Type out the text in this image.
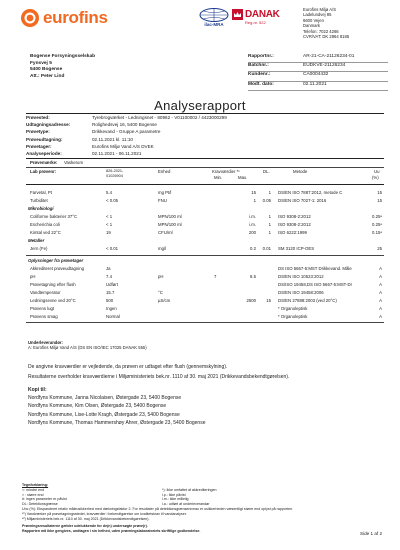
eurofins	ilac-MRA
DANAK
Reg.nr. 522
Eurofins Miljø A/S
Ladelundvej 85
6600 Vejen
Danmark
Telefon: 7022 4266
CVR/VAT: DK 2864 8185
Bogense Forsyningsselskab
Fynsvej 5
5400 Bogense
Att.: Peter Lind
Rapportnr.:	AR-21-CA-21126234-01
Batchnr.:	EUDKVE-21126234
Kundenr.:	CA0004432
Modt. dato:	02.11.2021
Analyserapport
Prøvested:	Tyrebrogværket - Ledningsnet - 80962 - V01100002 / 4423000299
Udtagningsadresse:	Rolighedsvej 16, 5400 Bogense
Prøvetype:	Drikkevand - Gruppe A parametre
Prøveudtagning:	02.11.2021 kl. 11:10
Prøvetager:	Eurofins Miljø Vand A/S DVEK
Analyseperiode:	02.11.2021 - 06.11.2021
Prøvemærke: Vaskerum
Lab prøvenr:	826-2021-
01026904
Enhed	Kravværdier *¹
Min.	Max.
DL.	Metode	Uu
(%)
Farvetal, Pt	5.4	mg Pt/l	15	1 DS/EN ISO 7887:2012, metode C	15
Turbiditet	< 0.05	FNU	1	0.05 DS/EN ISO 7027-1: 2016	15
Mikrobiologi
Coliforme bakterier 37°C	< 1	MPN/100 ml	i.m.	1 ISO 9308-2:2012	0.25ᵃ
Escherichia coli	< 1	MPN/100 ml	i.m.	1 ISO 9308-2:2012	0.25ᵃ
Kimtal ved 22°C	19	CFU/ml	200	1 ISO 6222:1999	0.15ᵃ
Metaller
Jern (Fe)	< 0.01	mg/l	0.2	0.01 SM 3120 ICP-OES	25
Oplysninger fra prøvetager
Akkrediteret prøveudtagning	Ja	DS ISO 5667-5:MST Drikkevand. Måle	A
pH	7.4	pH	7	8.5	DS/EN ISO 10523:2012	A
Prøvetagning efter flush	Udført	DS/ISO 19458,DS ISO 5667-5:MST-Dr	A
Vandtemperatur	15.7	°C	DS/EN ISO 19458:2006	A
Ledningsevne ved 20°C	500	µS/cm	2500	15 DS/EN 27888:2003 (ved 20°C)	A
Prøvens lugt	Ingen	* Organoleptisk	A
Prøvens smag	Normal	* Organoleptisk	A
Underleverandør:
A: Eurofins Miljø Vand A/S (DS EN ISO/IEC 17025 DANAK 555)
De angivne kravværdier er vejledende, da prøven er udtaget efter flush (gennemskylning).
Resultaterne overholder kravværdierne i Miljøministeriets bek.nr. 1110 af 30. maj 2021 (Drikkevandsbekendtgørelsen).
Kopi til:
Nordfyns Kommune, Janna Nicolaisen, Østergade 23, 5400 Bogense
Nordfyns Kommune, Kim Olsen, Østergade 23, 5400 Bogense
Nordfyns Kommune, Lise-Lotte Kragh, Østergade 23, 5400 Bogense
Nordfyns Kommune, Thomas Hammershøy Ahrer, Østergade 23, 5400 Bogense
Tegnforklaring:
<: mindre end
> : større end
#: ingen parameter er påvist
DL: Detektionsgrænse
*): ikke omfattet af akkrediteringen
i.p.: ikke påvist
i.m.: ikke målelig
i.a.: udført af underleverandør
Unc (%): Ekspanderet relativ måleusikkerhed med dækningsfaktor 2. For resultater på detektionsgrænseniveau er usikkerheden væsentligt større end oplyst på rapporten.
*¹) Vandværker på prøvetagningsstedet, kravværdier i bekendtgørelse om kvalitetskrav til vandanalyser.
*²) Miljøministeriets bek.nr. 1110 af 30. maj 2021 (Drikkevandsbekendtgørelsen).
Prøvningsresultaterne gælder udelukkende for de(n) undersøgte prøve(r).
Rapporten må ikke gengives, undtagen i sin helhed, uden prøvningslaboratoriets skriftlige godkendelse.	Side 1 af 2
